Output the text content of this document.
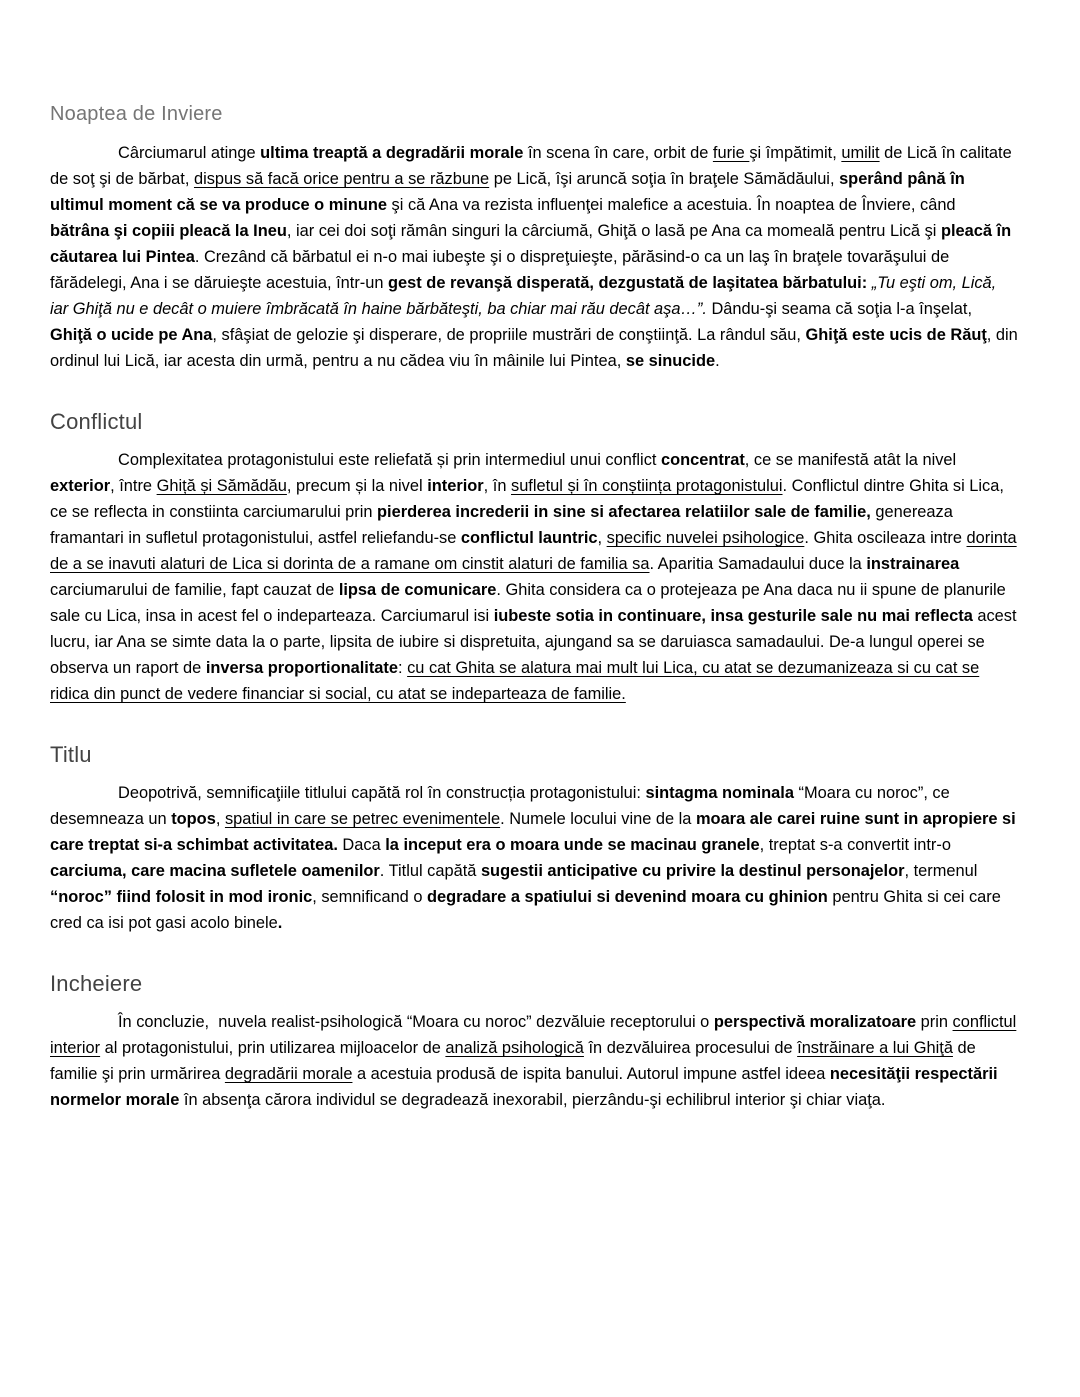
Noaptea de Inviere

Cârciumarul atinge ultima treaptă a degradării morale în scena în care, orbit de furie şi împătimit, umilit de Lică în calitate de soţ şi de bărbat, dispus să facă orice pentru a se răzbune pe Lică, îşi aruncă soţia în braţele Sămădăului, sperând până în ultimul moment că se va produce o minune şi că Ana va rezista influenţei malefice a acestuia. În noaptea de Înviere, când bătrâna şi copiii pleacă la Ineu, iar cei doi soţi rămân singuri la cârciumă, Ghiţă o lasă pe Ana ca momeală pentru Lică şi pleacă în căutarea lui Pintea. Crezând că bărbatul ei n-o mai iubeşte şi o dispreţuieşte, părăsind-o ca un laş în braţele tovarăşului de fărădelegi, Ana i se dăruieşte acestuia, într-un gest de revanşă disperată, dezgustată de laşitatea bărbatului: „Tu eşti om, Lică, iar Ghiţă nu e decât o muiere îmbrăcată în haine bărbăteşti, ba chiar mai rău decât aşa…”. Dându-şi seama că soţia l-a înşelat, Ghiţă o ucide pe Ana, sfâşiat de gelozie şi disperare, de propriile mustrări de conştiinţă. La rândul său, Ghiţă este ucis de Răuţ, din ordinul lui Lică, iar acesta din urmă, pentru a nu cădea viu în mâinile lui Pintea, se sinucide.

Conflictul

Complexitatea protagonistului este reliefată și prin intermediul unui conflict concentrat, ce se manifestă atât la nivel exterior, între Ghiță și Sămădău, precum și la nivel interior, în sufletul și în conștiința protagonistului. Conflictul dintre Ghita si Lica, ce se reflecta in constiinta carciumarului prin pierderea increderii in sine si afectarea relatiilor sale de familie, genereaza framantari in sufletul protagonistului, astfel reliefandu-se conflictul launtric, specific nuvelei psihologice. Ghita oscileaza intre dorinta de a se inavuti alaturi de Lica si dorinta de a ramane om cinstit alaturi de familia sa. Aparitia Samadaului duce la instrainarea carciumarului de familie, fapt cauzat de lipsa de comunicare. Ghita considera ca o protejeaza pe Ana daca nu ii spune de planurile sale cu Lica, insa in acest fel o indeparteaza. Carciumarul isi iubeste sotia in continuare, insa gesturile sale nu mai reflecta acest lucru, iar Ana se simte data la o parte, lipsita de iubire si dispretuita, ajungand sa se daruiasca samadaului. De-a lungul operei se observa un raport de inversa proportionalitate: cu cat Ghita se alatura mai mult lui Lica, cu atat se dezumanizeaza si cu cat se ridica din punct de vedere financiar si social, cu atat se indeparteaza de familie.

Titlu

Deopotrivă, semnificaţiile titlului capătă rol în construcția protagonistului: sintagma nominala “Moara cu noroc”, ce desemneaza un topos, spatiul in care se petrec evenimentele. Numele locului vine de la moara ale carei ruine sunt in apropiere si care treptat si-a schimbat activitatea. Daca la inceput era o moara unde se macinau granele, treptat s-a convertit intr-o carciuma, care macina sufletele oamenilor. Titlul capătă sugestii anticipative cu privire la destinul personajelor, termenul “noroc” fiind folosit in mod ironic, semnificand o degradare a spatiului si devenind moara cu ghinion pentru Ghita si cei care cred ca isi pot gasi acolo binele.

Incheiere

În concluzie,  nuvela realist-psihologică “Moara cu noroc” dezvăluie receptorului o perspectivă moralizatoare prin conflictul interior al protagonistului, prin utilizarea mijloacelor de analiză psihologică în dezvăluirea procesului de înstrăinare a lui Ghiţă de familie şi prin urmărirea degradării morale a acestuia produsă de ispita banului. Autorul impune astfel ideea necesităţii respectării normelor morale în absenţa cărora individul se degradează inexorabil, pierzându-şi echilibrul interior şi chiar viaţa.
